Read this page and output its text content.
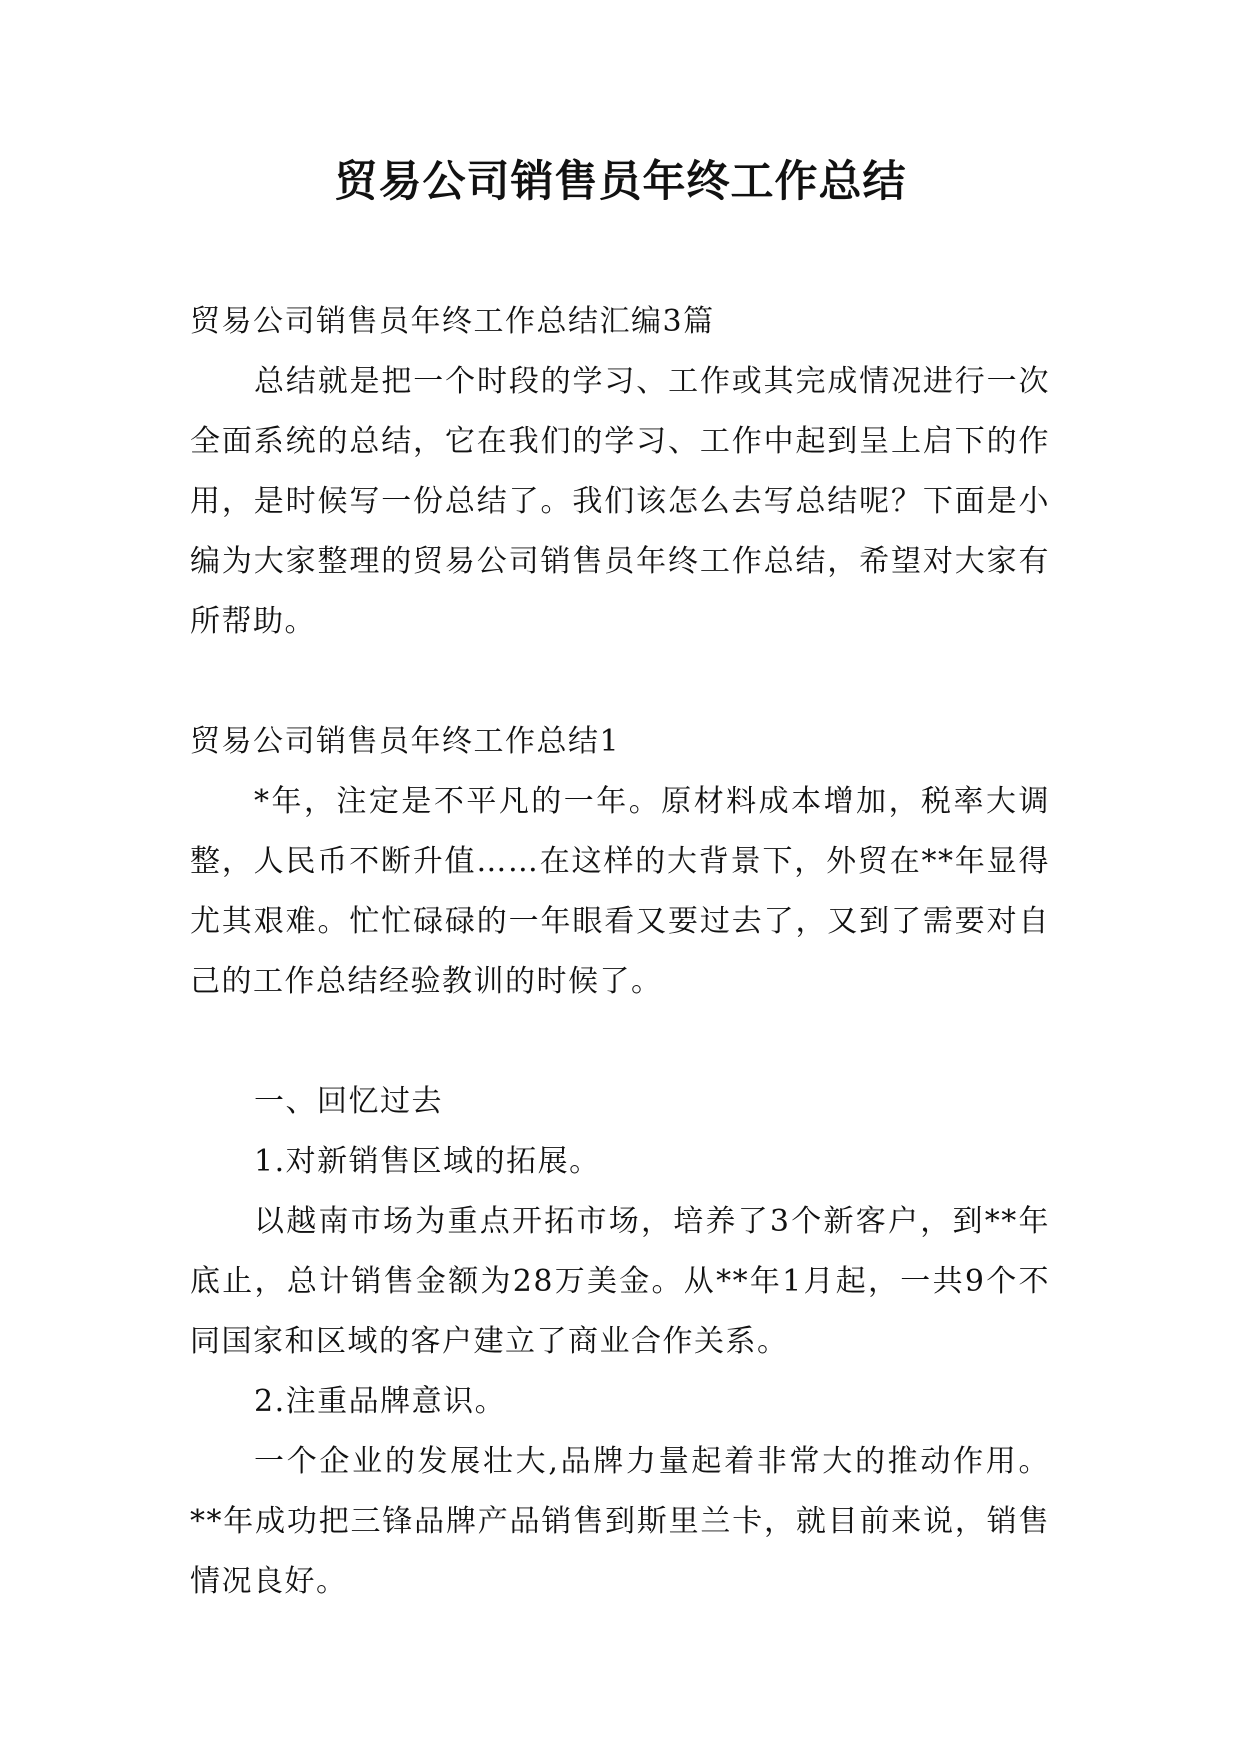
贸易公司销售员年终工作总结

贸易公司销售员年终工作总结汇编3篇

总结就是把一个时段的学习、工作或其完成情况进行一次全面系统的总结，它在我们的学习、工作中起到呈上启下的作用，是时候写一份总结了。我们该怎么去写总结呢？下面是小编为大家整理的贸易公司销售员年终工作总结，希望对大家有所帮助。

贸易公司销售员年终工作总结1

*年，注定是不平凡的一年。原材料成本增加，税率大调整，人民币不断升值……在这样的大背景下，外贸在**年显得尤其艰难。忙忙碌碌的一年眼看又要过去了，又到了需要对自己的工作总结经验教训的时候了。

一、回忆过去

1.对新销售区域的拓展。

以越南市场为重点开拓市场，培养了3个新客户，到**年底止，总计销售金额为28万美金。从**年1月起，一共9个不同国家和区域的客户建立了商业合作关系。

2.注重品牌意识。

一个企业的发展壮大,品牌力量起着非常大的推动作用。**年成功把三锋品牌产品销售到斯里兰卡，就目前来说，销售情况良好。
